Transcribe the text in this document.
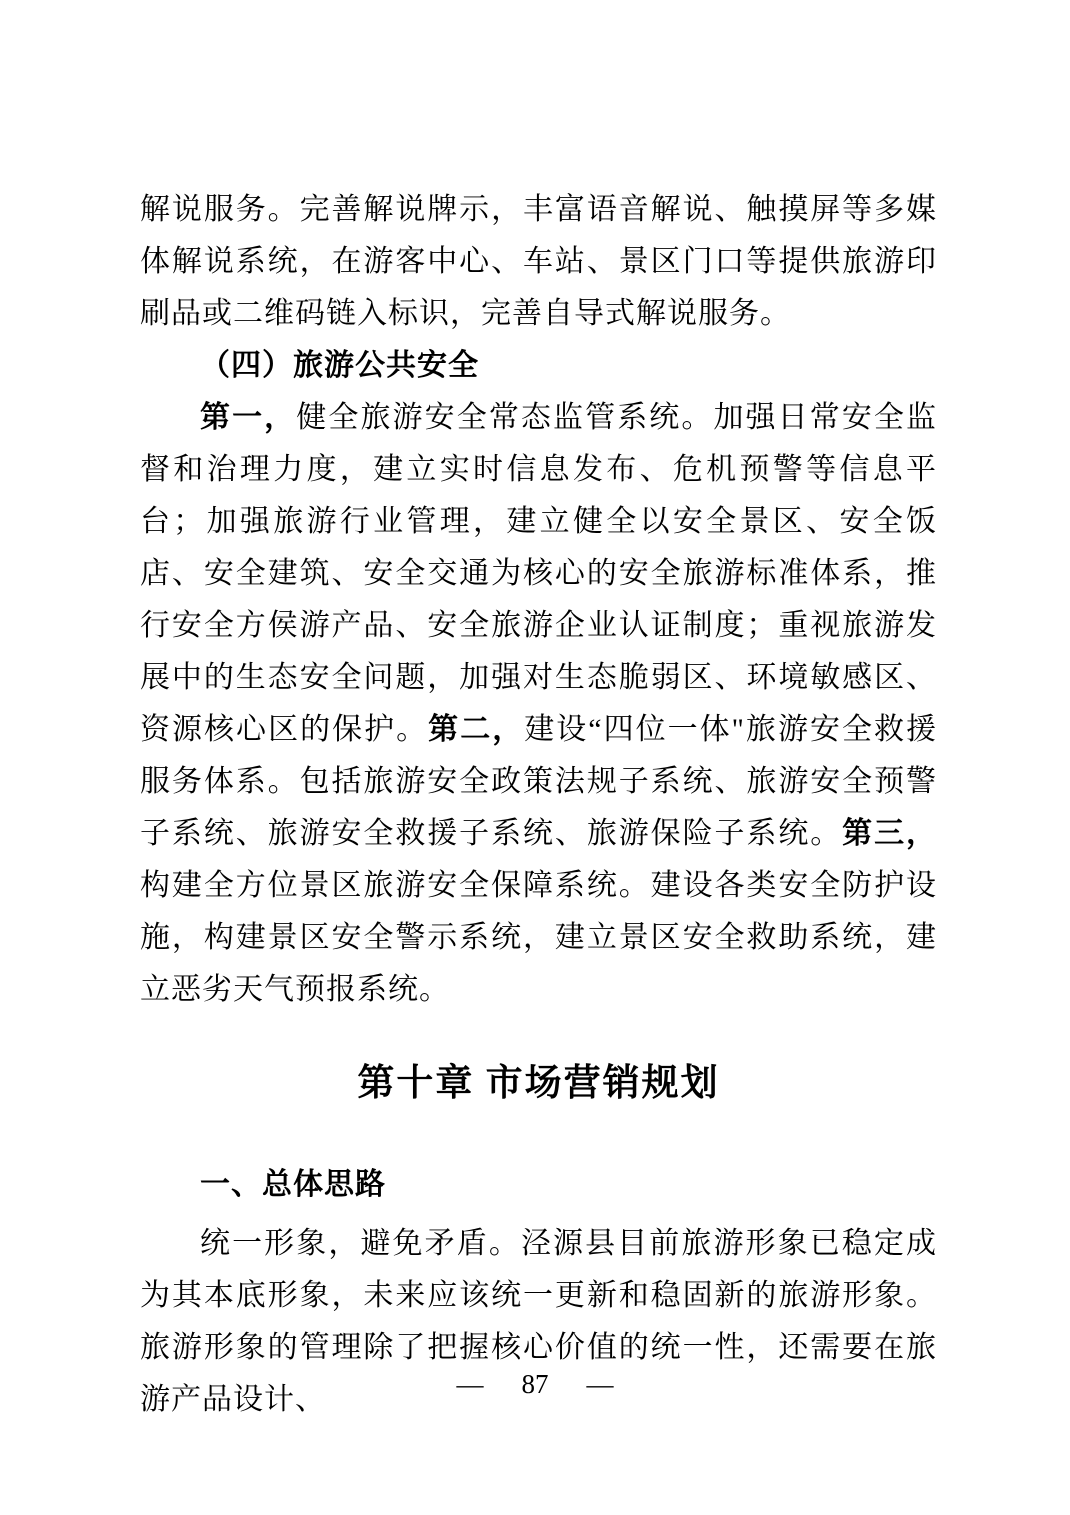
解说服务。完善解说牌示，丰富语音解说、触摸屏等多媒体解说系统，在游客中心、车站、景区门口等提供旅游印刷品或二维码链入标识，完善自导式解说服务。

（四）旅游公共安全

第一，健全旅游安全常态监管系统。加强日常安全监督和治理力度，建立实时信息发布、危机预警等信息平台；加强旅游行业管理，建立健全以安全景区、安全饭店、安全建筑、安全交通为核心的安全旅游标准体系，推行安全方侯游产品、安全旅游企业认证制度；重视旅游发展中的生态安全问题，加强对生态脆弱区、环境敏感区、资源核心区的保护。第二，建设“四位一体"旅游安全救援服务体系。包括旅游安全政策法规子系统、旅游安全预警子系统、旅游安全救援子系统、旅游保险子系统。第三，构建全方位景区旅游安全保障系统。建设各类安全防护设施，构建景区安全警示系统，建立景区安全救助系统，建立恶劣天气预报系统。

第十章 市场营销规划
一、总体思路

统一形象，避免矛盾。泾源县目前旅游形象已稳定成为其本底形象，未来应该统一更新和稳固新的旅游形象。旅游形象的管理除了把握核心价值的统一性，还需要在旅游产品设计、	— 87 —
